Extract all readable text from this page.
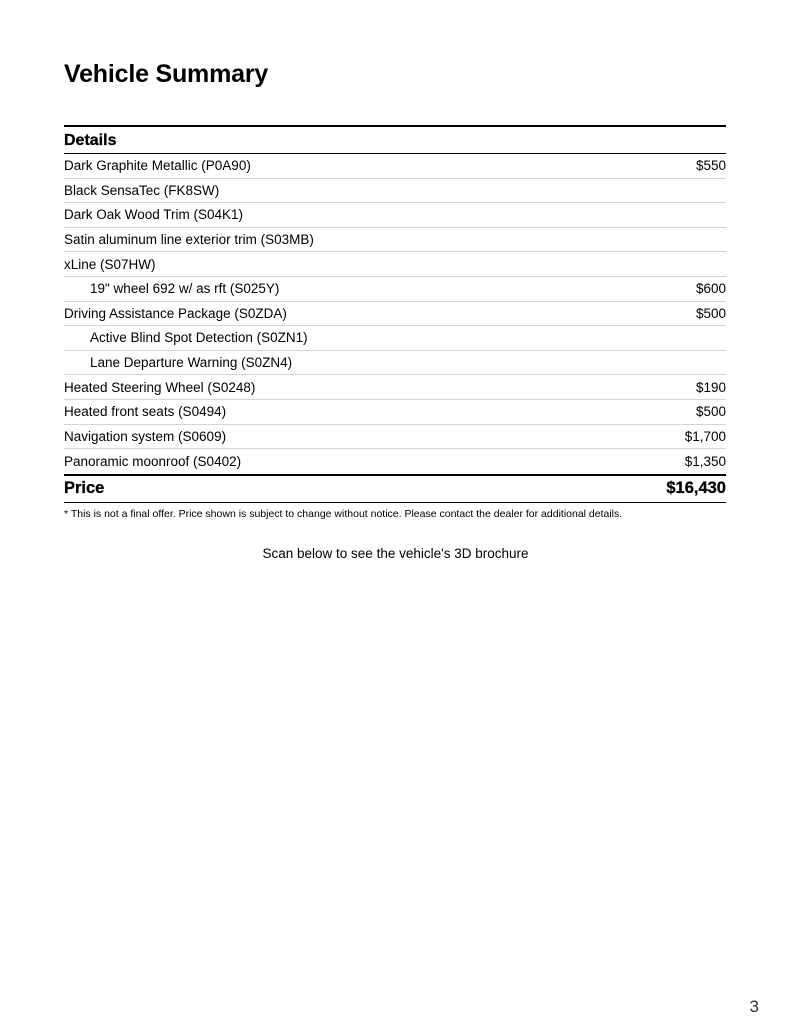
Vehicle Summary
Details
Dark Graphite Metallic (P0A90)	$550
Black SensaTec (FK8SW)
Dark Oak Wood Trim (S04K1)
Satin aluminum line exterior trim (S03MB)
xLine (S07HW)
19" wheel 692 w/ as rft (S025Y)	$600
Driving Assistance Package (S0ZDA)	$500
Active Blind Spot Detection (S0ZN1)
Lane Departure Warning (S0ZN4)
Heated Steering Wheel (S0248)	$190
Heated front seats (S0494)	$500
Navigation system (S0609)	$1,700
Panoramic moonroof (S0402)	$1,350
Price	$16,430
* This is not a final offer. Price shown is subject to change without notice. Please contact the dealer for additional details.

Scan below to see the vehicle's 3D brochure

3
